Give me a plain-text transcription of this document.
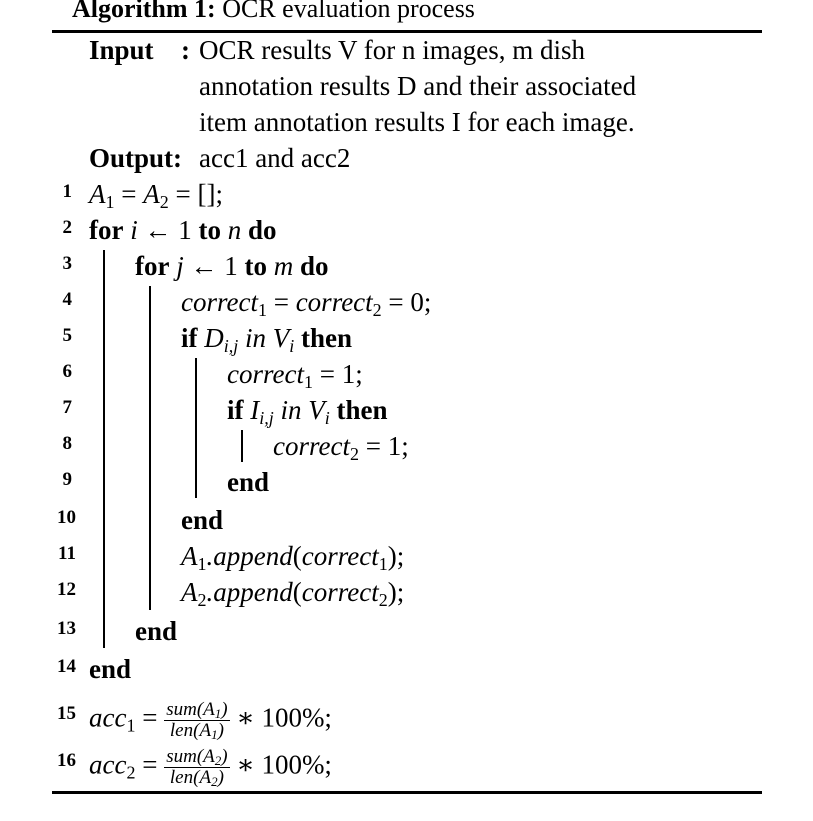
Algorithm 1: OCR evaluation process
Input : OCR results V for n images, m dish
annotation results D and their associated
item annotation results I for each image.
Output: acc1 and acc2
1
2
3
4
5
6
7
8
9
10
11
12
13
14
15
16
$A_1 = A_2$ = [];
for i ← 1 to n do
for j ← 1 to m do
correct$_1$ = correct$_2$ = 0;
if $D_{i,j}$ in $V_i$ then
correct$_1$ = 1;
if $I_{i,j}$ in $V_i$ then
correct$_2$ = 1;
end
end
$A_1.append(correct_1)$;
$A_2.append(correct_2)$;
end
end
$acc_1 = \frac{sum(A_1)}{len(A_1)}$ ∗ 100%;
$acc_2 = \frac{sum(A_2)}{len(A_2)}$ ∗ 100%;
